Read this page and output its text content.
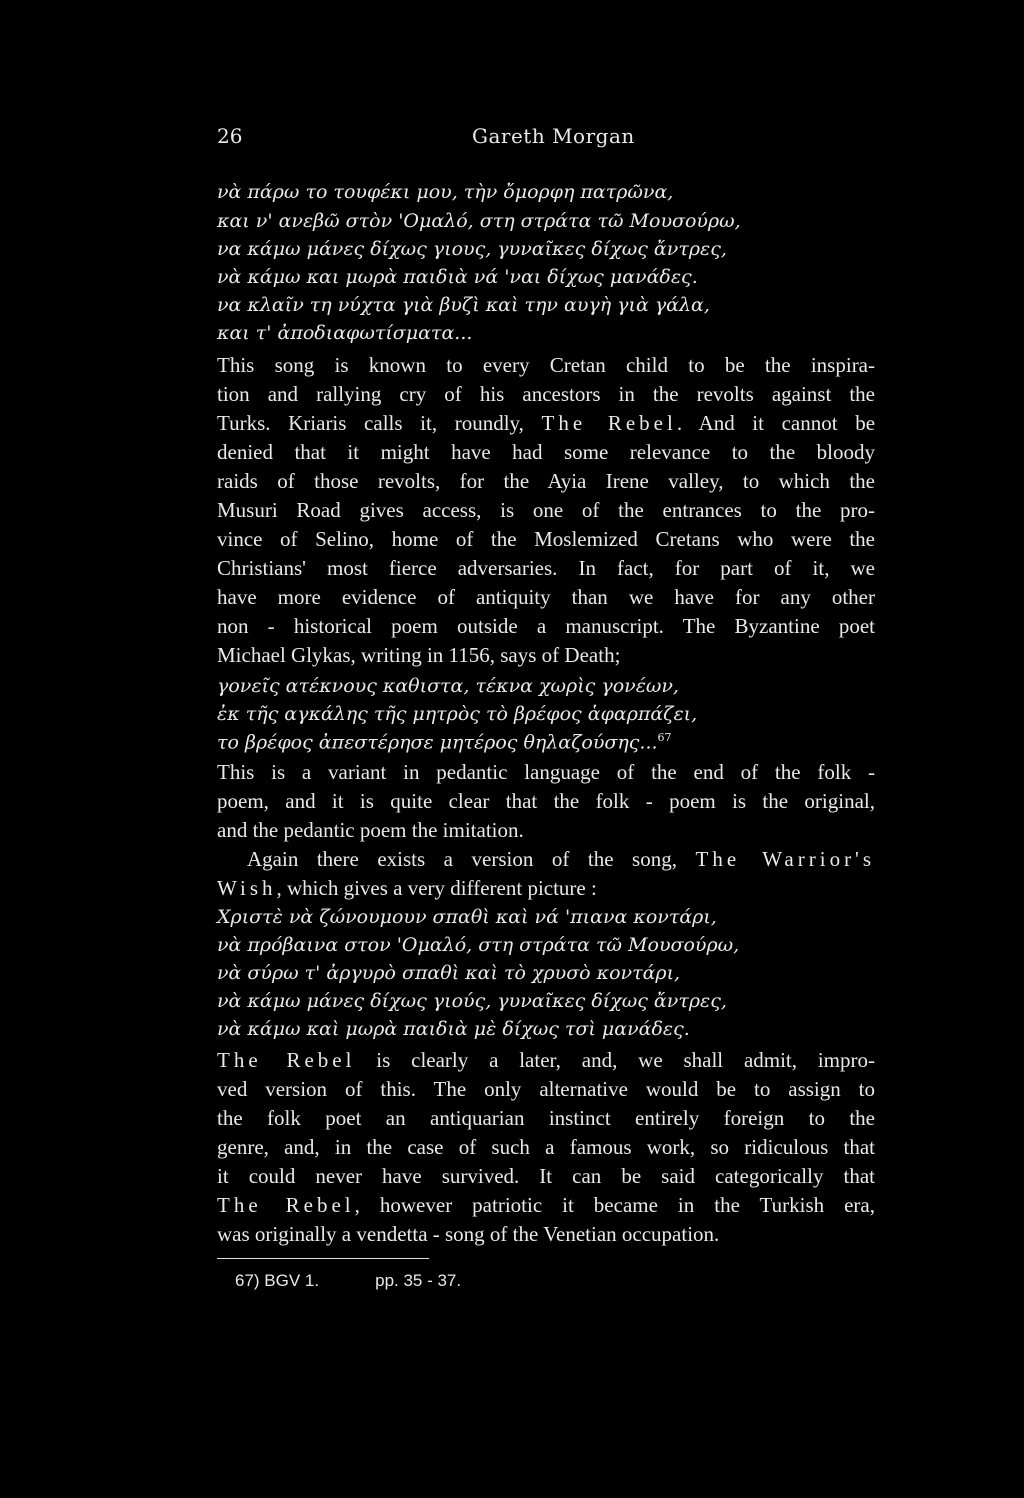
26	Gareth Morgan
νὰ πάρω το τουφέκι μου, τὴν ὄμορφη πατρῶνα,
και ν' ανεβῶ στὸν 'Ομαλό, στη στράτα τῶ Μουσούρω,
να κάμω μάνες δίχως γιους, γυναῖκες δίχως ἄντρες,
νὰ κάμω και μωρὰ παιδιὰ νά 'ναι δίχως μανάδες.
να κλαῖν τη νύχτα γιὰ βυζὶ καὶ την αυγὴ γιὰ γάλα,
και τ' ἀποδιαφωτίσματα...
This song is known to every Cretan child to be the inspira-
tion and rallying cry of his ancestors in the revolts against the
Turks. Kriaris calls it, roundly, The Rebel. And it cannot be
denied that it might have had some relevance to the bloody
raids of those revolts, for the Ayia Irene valley, to which the
Musuri Road gives access, is one of the entrances to the pro-
vince of Selino, home of the Moslemized Cretans who were the
Christians' most fierce adversaries. In fact, for part of it, we
have more evidence of antiquity than we have for any other
non - historical poem outside a manuscript. The Byzantine poet
Michael Glykas, writing in 1156, says of Death;
γονεῖς ατέκνους καθιστα, τέκνα χωρὶς γονέων,
ἐκ τῆς αγκάλης τῆς μητρὸς τὸ βρέφος ἁφαρπάζει,
το βρέφος ἀπεστέρησε μητέρος θηλαζούσης...$^{67}$
This is a variant in pedantic language of the end of the folk -
poem, and it is quite clear that the folk - poem is the original,
and the pedantic poem the imitation.
Again there exists a version of the song, The Warrior's
Wish, which gives a very different picture :
Χριστὲ νὰ ζώνουμουν σπαθὶ καὶ νά 'πιανα κοντάρι,
νὰ πρόβαινα στον 'Ομαλό, στη στράτα τῶ Μουσούρω,
νὰ σύρω τ' ἀργυρὸ σπαθὶ καὶ τὸ χρυσὸ κοντάρι,
νὰ κάμω μάνες δίχως γιούς, γυναῖκες δίχως ἄντρες,
νὰ κάμω καὶ μωρὰ παιδιὰ μὲ δίχως τσὶ μανάδες.
The Rebel is clearly a later, and, we shall admit, impro-
ved version of this. The only alternative would be to assign to
the folk poet an antiquarian instinct entirely foreign to the
genre, and, in the case of such a famous work, so ridiculous that
it could never have survived. It can be said categorically that
The Rebel, however patriotic it became in the Turkish era,
was originally a vendetta - song of the Venetian occupation.
67) BGV 1.	pp. 35 - 37.
